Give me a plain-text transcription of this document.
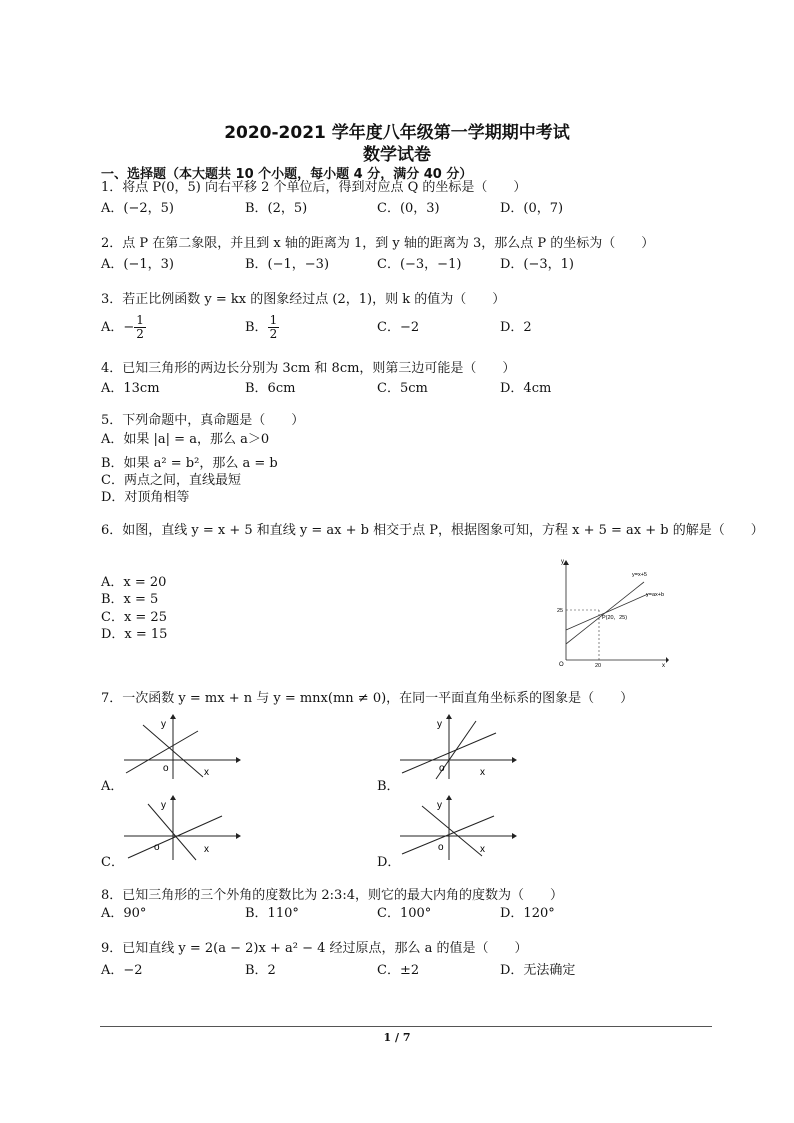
2020-2021 学年度八年级第一学期期中考试
数学试卷
一、选择题（本大题共 10 个小题，每小题 4 分，满分 40 分）
1．将点 P(0，5) 向右平移 2 个单位后，得到对应点 Q 的坐标是（　　）
A．(−2，5)	B．(2，5)	C．(0，3)	D．(0，7)
2．点 P 在第二象限，并且到 x 轴的距离为 1，到 y 轴的距离为 3，那么点 P 的坐标为（　　）
A．(−1，3)	B．(−1，−3)	C．(−3，−1)	D．(−3，1)
3．若正比例函数 y = kx 的图象经过点 (2，1)，则 k 的值为（　　）
A．− $\frac{1}{2}$	B． $\frac{1}{2}$	C．−2	D．2
4．已知三角形的两边长分别为 3cm 和 8cm，则第三边可能是（　　）
A．13cm	B．6cm	C．5cm	D．4cm
5．下列命题中，真命题是（　　）
A．如果 |a| = a，那么 a＞0
B．如果 a² = b²，那么 a = b
C．两点之间，直线最短
D．对顶角相等
6．如图，直线 y = x + 5 和直线 y = ax + b 相交于点 P，根据图象可知，方程 x + 5 = ax + b 的解是（　　）
A．x = 20
B．x = 5
C．x = 25
D．x = 15
y
x
O
y=x+5
y=ax+b
25
20
P(20，25)
7．一次函数 y = mx + n 与 y = mnx(mn ≠ 0)，在同一平面直角坐标系的图象是（　　）
y
x
o
A．
y
x
o
B．
y
x
o
C．
y
x
o
D．
8．已知三角形的三个外角的度数比为 2:3:4，则它的最大内角的度数为（　　）
A．90°	B．110°	C．100°	D．120°
9．已知直线 y = 2(a − 2)x + a² − 4 经过原点，那么 a 的值是（　　）
A．−2	B．2	C．±2	D．无法确定
1 / 7
